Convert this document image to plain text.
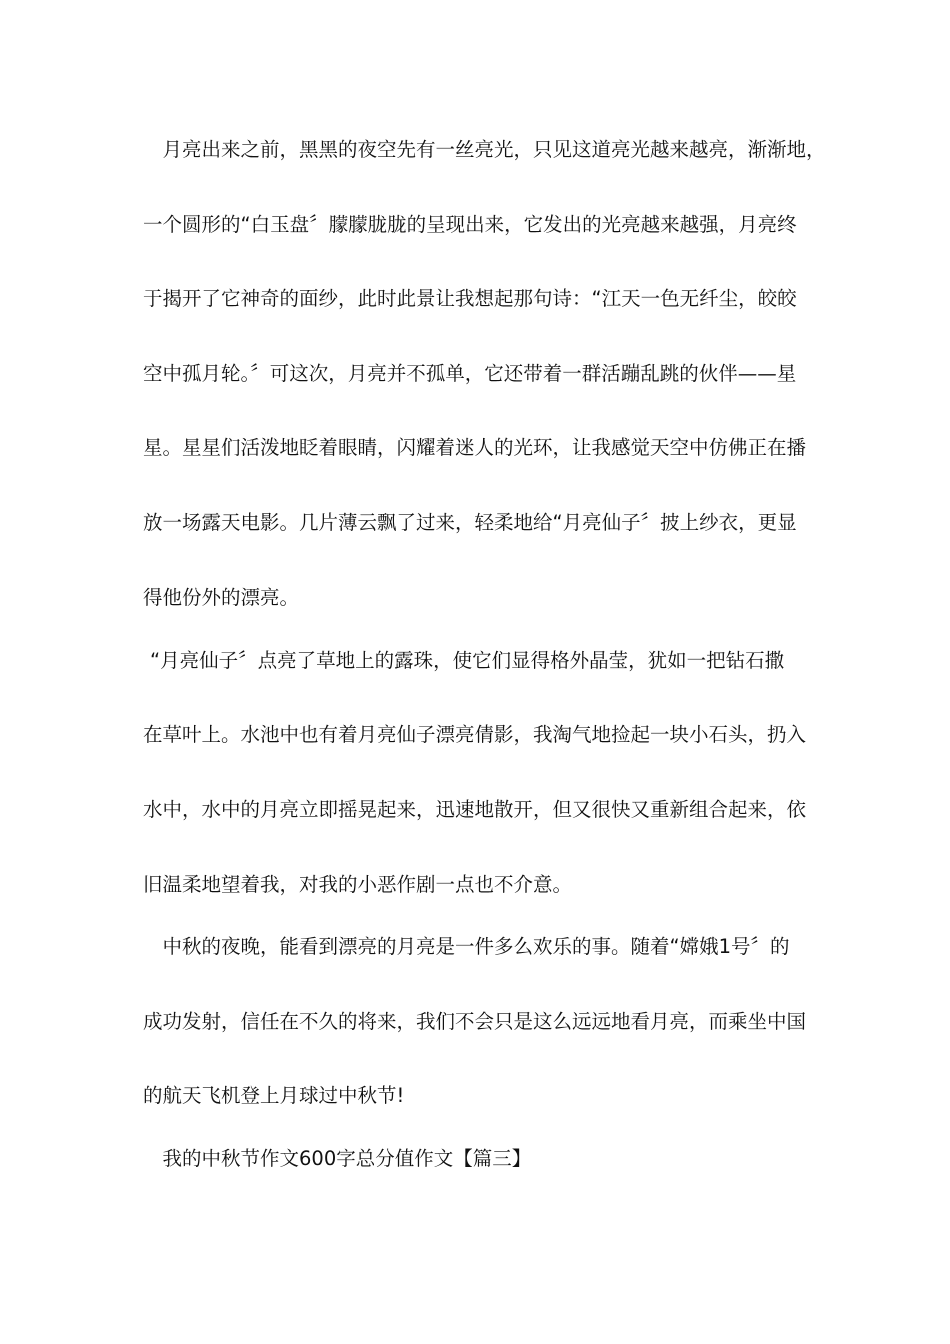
　月亮出来之前，黑黑的夜空先有一丝亮光，只见这道亮光越来越亮，渐渐地，
一个圆形的“白玉盘〞朦朦胧胧的呈现出来，它发出的光亮越来越强，月亮终
于揭开了它神奇的面纱，此时此景让我想起那句诗：“江天一色无纤尘，皎皎
空中孤月轮。〞可这次，月亮并不孤单，它还带着一群活蹦乱跳的伙伴——星
星。星星们活泼地眨着眼睛，闪耀着迷人的光环，让我感觉天空中仿佛正在播
放一场露天电影。几片薄云飘了过来，轻柔地给“月亮仙子〞披上纱衣，更显
得他份外的漂亮。
“月亮仙子〞点亮了草地上的露珠，使它们显得格外晶莹，犹如一把钻石撒
在草叶上。水池中也有着月亮仙子漂亮倩影，我淘气地捡起一块小石头，扔入
水中，水中的月亮立即摇晃起来，迅速地散开，但又很快又重新组合起来，依
旧温柔地望着我，对我的小恶作剧一点也不介意。
　中秋的夜晚，能看到漂亮的月亮是一件多么欢乐的事。随着“嫦娥1号〞的
成功发射，信任在不久的将来，我们不会只是这么远远地看月亮，而乘坐中国
的航天飞机登上月球过中秋节!
　我的中秋节作文600字总分值作文【篇三】
